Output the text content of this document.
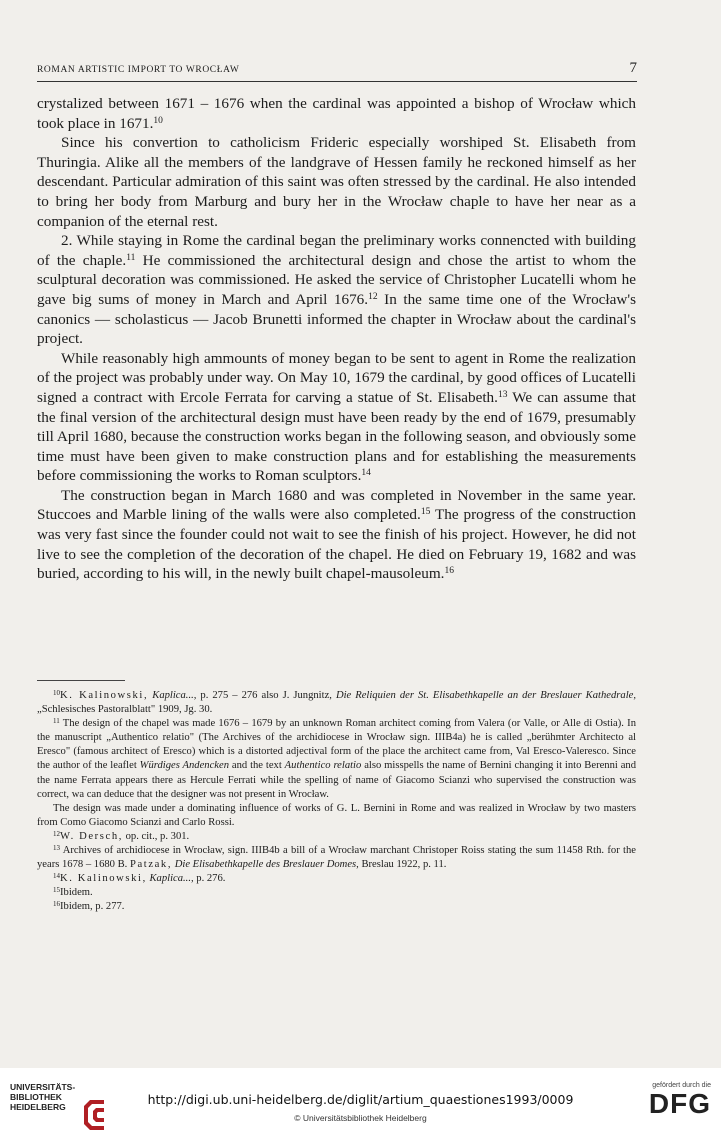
ROMAN ARTISTIC IMPORT TO WROCŁAW	7

crystalized between 1671 – 1676 when the cardinal was appointed a bishop of Wrocław which took place in 1671.10

Since his convertion to catholicism Frideric especially worshiped St. Elisabeth from Thuringia. Alike all the members of the landgrave of Hessen family he reckoned himself as her descendant. Particular admiration of this saint was often stressed by the cardinal. He also intended to bring her body from Marburg and bury her in the Wrocław chaple to have her near as a companion of the eternal rest.

2. While staying in Rome the cardinal began the preliminary works connencted with building of the chaple.$^{11}$ He commissioned the architectural design and chose the artist to whom the sculptural decoration was commissioned. He asked the service of Christopher Lucatelli whom he gave big sums of money in March and April 1676.12 In the same time one of the Wrocław's canonics — scholasticus — Jacob Brunetti informed the chapter in Wrocław about the cardinal's project.

While reasonably high ammounts of money began to be sent to agent in Rome the realization of the project was probably under way. On May 10, 1679 the cardinal, by good offices of Lucatelli signed a contract with Ercole Ferrata for carving a statue of St. Elisabeth.$^{13}$ We can assume that the final version of the architectural design must have been ready by the end of 1679, presumably till April 1680, because the construction works began in the following season, and obviously some time must have been given to make construction plans and for establishing the measurements before commissioning the works to Roman sculptors.$^{14}$

The construction began in March 1680 and was completed in November in the same year. Stuccoes and Marble lining of the walls were also completed.$^{15}$ The progress of the construction was very fast since the founder could not wait to see the finish of his project. However, he did not live to see the completion of the decoration of the chapel. He died on February 19, 1682 and was buried, according to his will, in the newly built chapel-mausoleum.$^{16}$

$^{10}$K. Kalinowski, Kaplica..., p. 275 – 276 also J. Jungnitz, Die Reliquien der St. Elisabethkapelle an der Breslauer Kathedrale, „Schlesisches Pastoralblatt" 1909, Jg. 30.

$^{11}$ The design of the chapel was made 1676 – 1679 by an unknown Roman architect coming from Valera (or Valle, or Alle di Ostia). In the manuscript „Authentico relatio" (The Archives of the archidiocese in Wrocław sign. IIIB4a) he is called „berühmter Architecto al Eresco" (famous architect of Eresco) which is a distorted adjectival form of the place the architect came from, Val Eresco-Valeresco. Since the author of the leaflet Würdiges Andencken and the text Authentico relatio also misspells the name of Bernini changing it into Berenni and the name Ferrata appears there as Hercule Ferrati while the spelling of name of Giacomo Scianzi who supervised the construction was correct, wa can deduce that the designer was not present in Wrocław.

The design was made under a dominating influence of works of G. L. Bernini in Rome and was realized in Wrocław by two masters from Como Giacomo Scianzi and Carlo Rossi.

$^{12}$W. Dersch, op. cit., p. 301.

$^{13}$ Archives of archidiocese in Wrocław, sign. IIIB4b a bill of a Wrocław marchant Christoper Roiss stating the sum 11458 Rth. for the years 1678 – 1680 B. Patzak, Die Elisabethkapelle des Breslauer Domes, Breslau 1922, p. 11.

$^{14}$K. Kalinowski, Kaplica..., p. 276.

$^{15}$Ibidem.

$^{16}$Ibidem, p. 277.

UNIVERSITÄTS-
BIBLIOTHEK
HEIDELBERG	http://digi.ub.uni-heidelberg.de/diglit/artium_quaestiones1993/0009
© Universitätsbibliothek Heidelberg
gefördert durch die
DFG
